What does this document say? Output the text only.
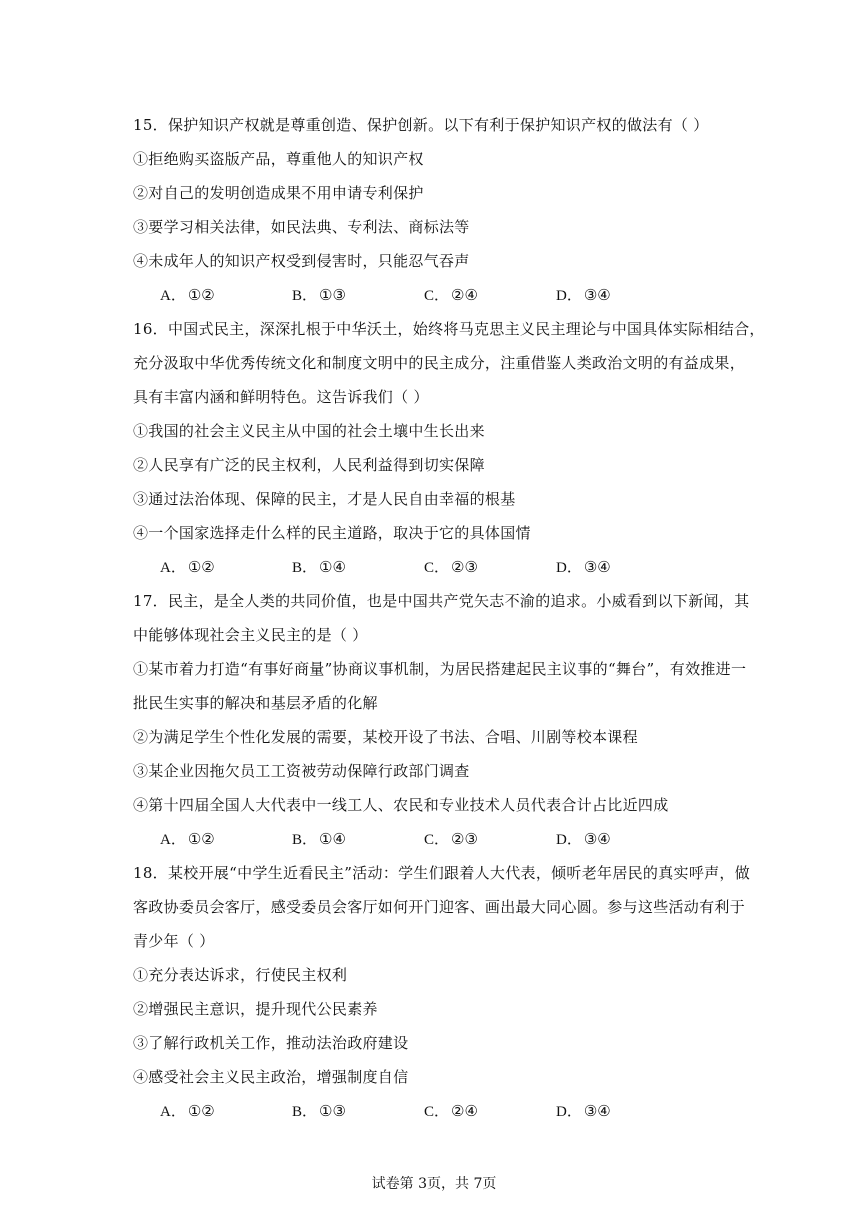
15．保护知识产权就是尊重创造、保护创新。以下有利于保护知识产权的做法有（ ）
①拒绝购买盗版产品，尊重他人的知识产权
②对自己的发明创造成果不用申请专利保护
③要学习相关法律，如民法典、专利法、商标法等
④未成年人的知识产权受到侵害时，只能忍气吞声
A． ①②	B． ①③	C． ②④	D． ③④
16．中国式民主，深深扎根于中华沃土，始终将马克思主义民主理论与中国具体实际相结合，
充分汲取中华优秀传统文化和制度文明中的民主成分，注重借鉴人类政治文明的有益成果，
具有丰富内涵和鲜明特色。这告诉我们（ ）
①我国的社会主义民主从中国的社会土壤中生长出来
②人民享有广泛的民主权利，人民利益得到切实保障
③通过法治体现、保障的民主，才是人民自由幸福的根基
④一个国家选择走什么样的民主道路，取决于它的具体国情
A． ①②	B． ①④	C． ②③	D． ③④
17．民主，是全人类的共同价值，也是中国共产党矢志不渝的追求。小威看到以下新闻，其
中能够体现社会主义民主的是（ ）
①某市着力打造“有事好商量”协商议事机制，为居民搭建起民主议事的“舞台”，有效推进一
批民生实事的解决和基层矛盾的化解
②为满足学生个性化发展的需要，某校开设了书法、合唱、川剧等校本课程
③某企业因拖欠员工工资被劳动保障行政部门调查
④第十四届全国人大代表中一线工人、农民和专业技术人员代表合计占比近四成
A． ①②	B． ①④	C． ②③	D． ③④
18．某校开展“中学生近看民主”活动：学生们跟着人大代表，倾听老年居民的真实呼声，做
客政协委员会客厅，感受委员会客厅如何开门迎客、画出最大同心圆。参与这些活动有利于
青少年（ ）
①充分表达诉求，行使民主权利
②增强民主意识，提升现代公民素养
③了解行政机关工作，推动法治政府建设
④感受社会主义民主政治，增强制度自信
A． ①②	B． ①③	C． ②④	D． ③④
试卷第 3页，共 7页
